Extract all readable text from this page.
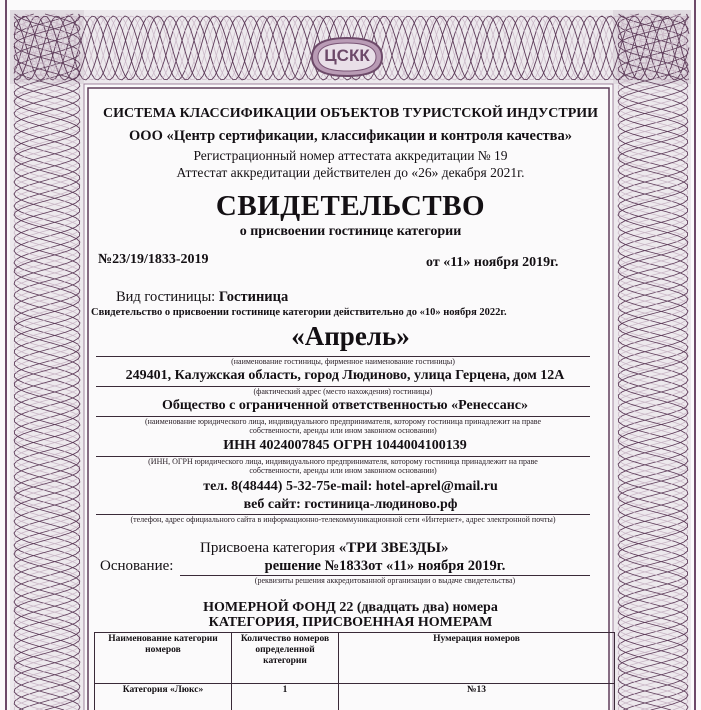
ЦСКК
СИСТЕМА КЛАССИФИКАЦИИ ОБЪЕКТОВ ТУРИСТСКОЙ ИНДУСТРИИ
ООО «Центр сертификации, классификации и контроля качества»
Регистрационный номер аттестата аккредитации № 19
Аттестат аккредитации действителен до «26» декабря 2021г.
СВИДЕТЕЛЬСТВО
о присвоении гостинице категории
№23/19/1833-2019	от «11» ноября 2019г.
Вид гостиницы: Гостиница
Свидетельство о присвоении гостинице категории действительно до «10» ноября 2022г.
«Апрель»
(наименование гостиницы, фирменное наименование гостиницы)
249401, Калужская область, город Людиново, улица Герцена, дом 12А
(фактический адрес (место нахождения) гостиницы)
Общество с ограниченной ответственностью «Ренессанс»
(наименование юридического лица, индивидуального предпринимателя, которому гостиница принадлежит на праве собственности, аренды или ином законном основании)
ИНН 4024007845 ОГРН 1044004100139
(ИНН, ОГРН юридического лица, индивидуального предпринимателя, которому гостиница принадлежит на праве собственности, аренды или ином законном основании)
тел. 8(48444) 5-32-75e-mail: hotel-aprel@mail.ru
веб сайт: гостиница-людиново.рф
(телефон, адрес официального сайта в информационно-телекоммуникационной сети «Интернет», адрес электронной почты)
Присвоена категория «ТРИ ЗВЕЗДЫ»
Основание:	решение №1833от «11» ноября 2019г.
(реквизиты решения аккредитованной организации о выдаче свидетельства)
НОМЕРНОЙ ФОНД 22 (двадцать два) номера
КАТЕГОРИЯ, ПРИСВОЕННАЯ НОМЕРАМ
Наименование категории номеров	Количество номеров определенной категории	Нумерация номеров
Категория «Люкс»	1	№13
